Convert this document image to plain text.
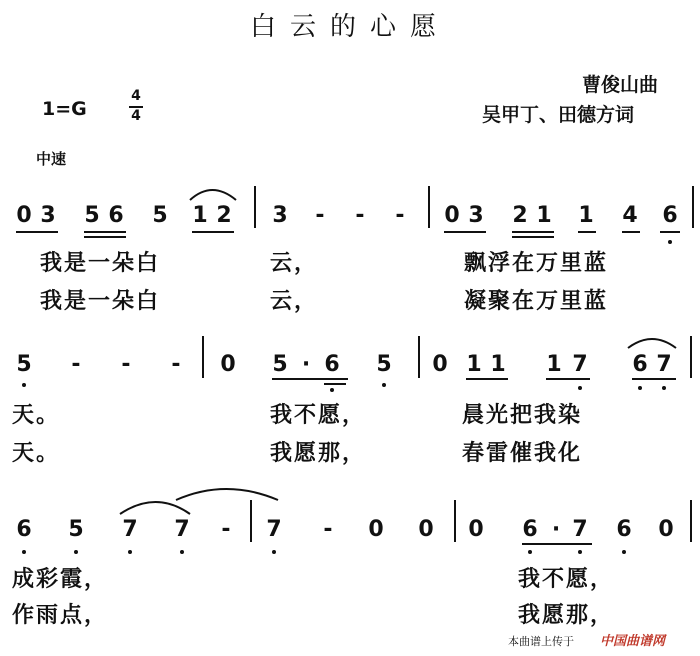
白云的心愿
曹俊山曲
吴甲丁、田德方词
1=G
4
4
中速
0 3 5 6 5 1 2 3 - - - 0 3 2 1 1 4 6
我是一朵白	云，	飘浮在万里蓝
我是一朵白	云，	凝聚在万里蓝
5 - - - 0 5 · 6 5 0 1 1 1 7 6 7
天。	我不愿，	晨光把我染
天。	我愿那，	春雷催我化
6 5 7 7 - 7 - 0 0 0 6 · 7 6 0
成彩霞，	我不愿，
作雨点，	我愿那，
本曲谱上传于 中国曲谱网
